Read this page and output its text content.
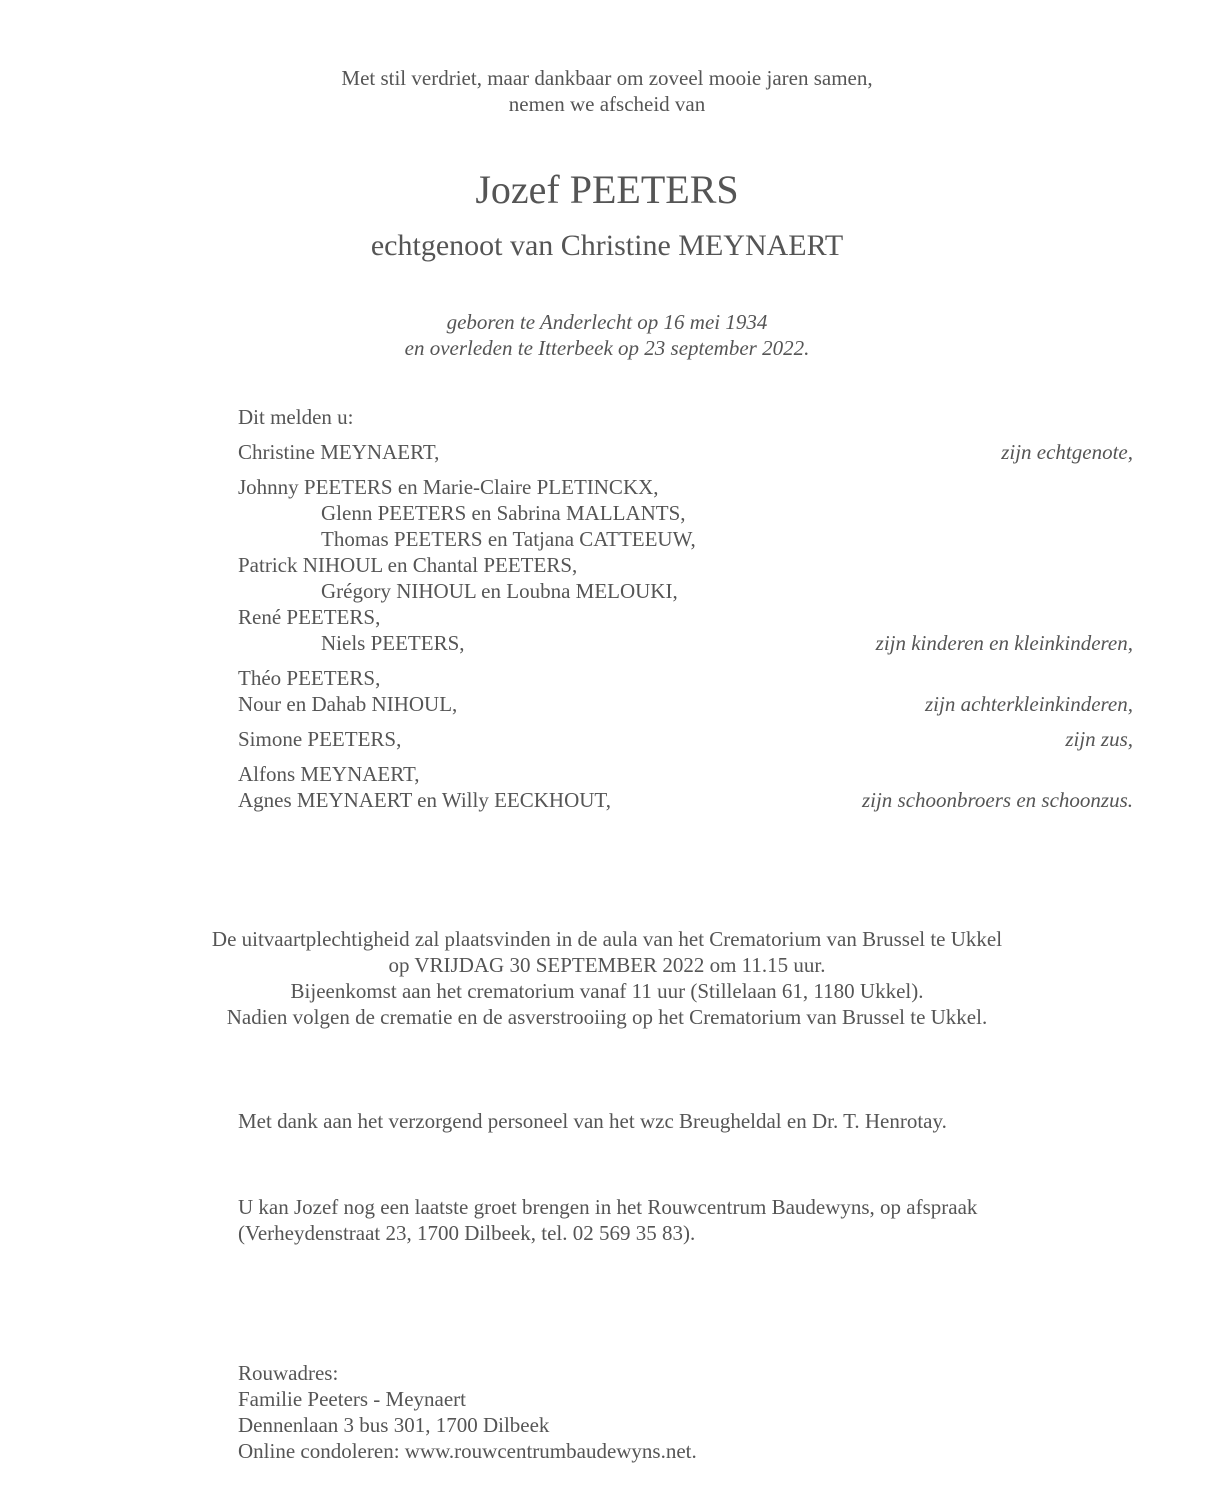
Met stil verdriet, maar dankbaar om zoveel mooie jaren samen,
nemen we afscheid van
Jozef PEETERS
echtgenoot van Christine MEYNAERT
geboren te Anderlecht op 16 mei 1934
en overleden te Itterbeek op 23 september 2022.
Dit melden u:
Christine MEYNAERT,	zijn echtgenote,
Johnny PEETERS en Marie-Claire PLETINCKX,
Glenn PEETERS en Sabrina MALLANTS,
Thomas PEETERS en Tatjana CATTEEUW,
Patrick NIHOUL en Chantal PEETERS,
Grégory NIHOUL en Loubna MELOUKI,
René PEETERS,
Niels PEETERS,	zijn kinderen en kleinkinderen,
Théo PEETERS,
Nour en Dahab NIHOUL,	zijn achterkleinkinderen,
Simone PEETERS,	zijn zus,
Alfons MEYNAERT,
Agnes MEYNAERT en Willy EECKHOUT,	zijn schoonbroers en schoonzus.
De uitvaartplechtigheid zal plaatsvinden in de aula van het Crematorium van Brussel te Ukkel
op VRIJDAG 30 SEPTEMBER 2022 om 11.15 uur.
Bijeenkomst aan het crematorium vanaf 11 uur (Stillelaan 61, 1180 Ukkel).
Nadien volgen de crematie en de asverstrooiing op het Crematorium van Brussel te Ukkel.
Met dank aan het verzorgend personeel van het wzc Breugheldal en Dr. T. Henrotay.
U kan Jozef nog een laatste groet brengen in het Rouwcentrum Baudewyns, op afspraak
(Verheydenstraat 23, 1700 Dilbeek, tel. 02 569 35 83).
Rouwadres:
Familie Peeters - Meynaert
Dennenlaan 3 bus 301, 1700 Dilbeek
Online condoleren: www.rouwcentrumbaudewyns.net.
